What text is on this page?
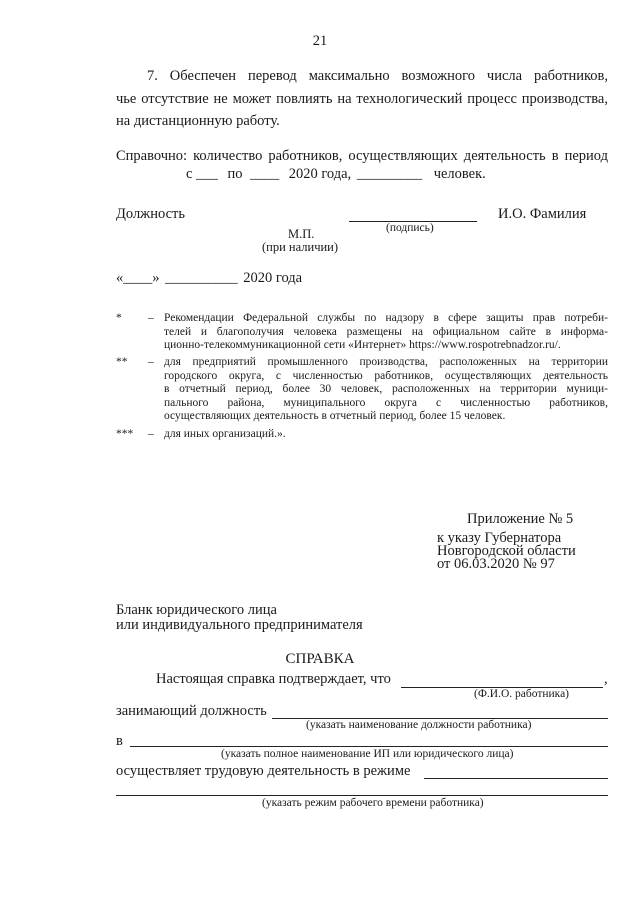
21
7. Обеспечен перевод максимально возможного числа работников,
чье отсутствие не может повлиять на технологический процесс производства,
на дистанционную работу.
Справочно: количество работников, осуществляющих деятельность в период
с ___ по ____ 2020 года, _________ человек.
Должность
(подпись)
И.О. Фамилия
М.П.
(при наличии)
«____» __________ 2020 года
*	– Рекомендации Федеральной службы по надзору в сфере защиты прав потреби-
телей и благополучия человека размещены на официальном сайте в информа-
ционно-телекоммуникационной сети «Интернет» https://www.rospotrebnadzor.ru/.
**	– для предприятий промышленного производства, расположенных на территории
городского округа, с численностью работников, осуществляющих деятельность
в отчетный период, более 30 человек, расположенных на территории муници-
пального района, муниципального округа с численностью работников,
осуществляющих деятельность в отчетный период, более 15 человек.
***	– для иных организаций.».
Приложение № 5
к указу Губернатора
Новгородской области
от 06.03.2020 № 97
Бланк юридического лица
или индивидуального предпринимателя
СПРАВКА
Настоящая справка подтверждает, что	,
(Ф.И.О. работника)
занимающий должность
(указать наименование должности работника)
в
(указать полное наименование ИП или юридического лица)
осуществляет трудовую деятельность в режиме
(указать режим рабочего времени работника)
